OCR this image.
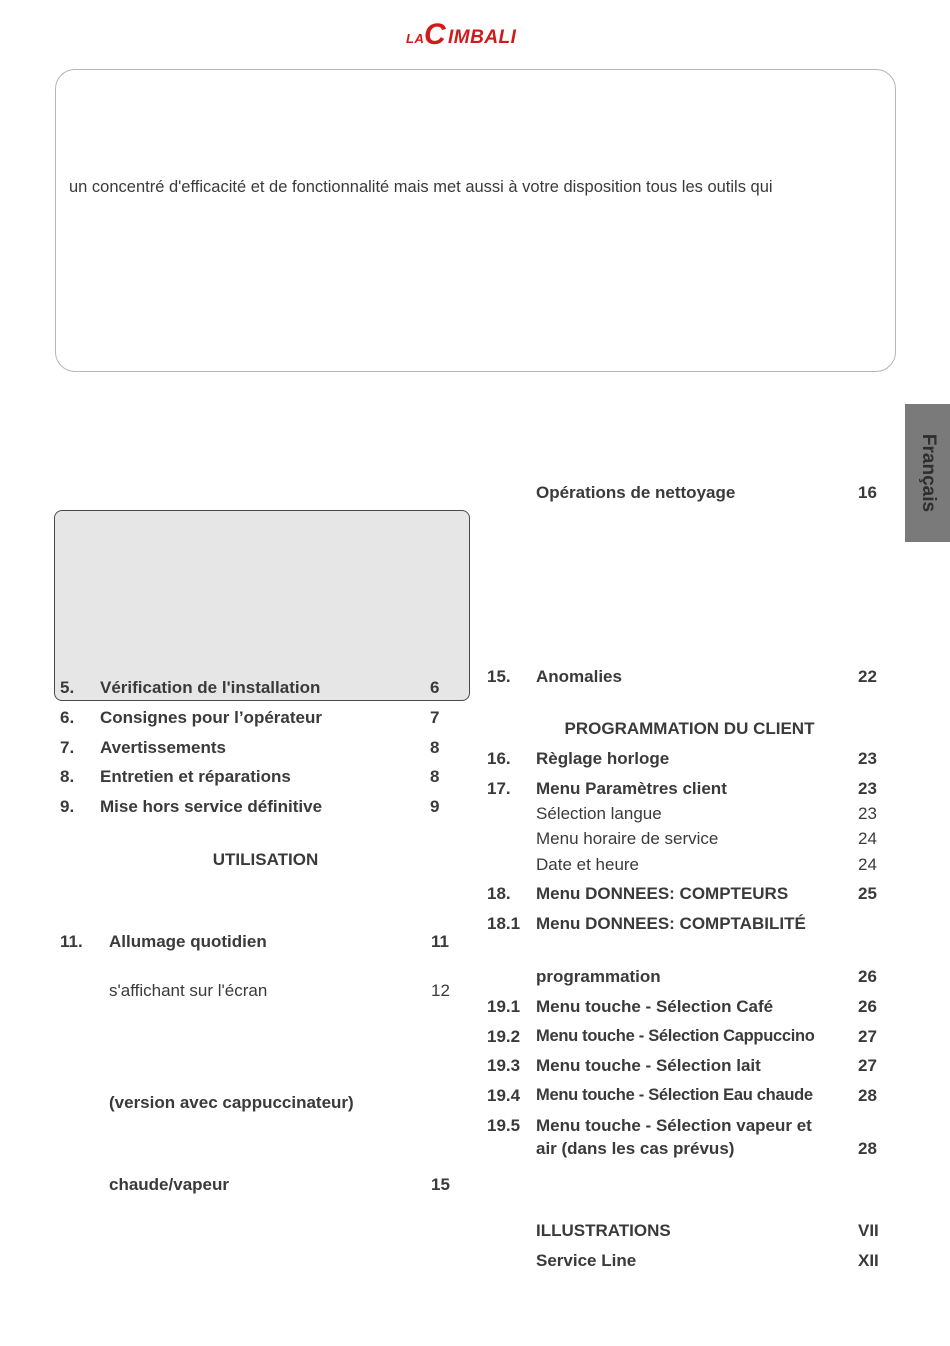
LA C IMBALI
un concentré d'efficacité et de fonctionnalité mais met aussi à votre disposition tous les outils qui
Français
5. Vérification de l'installation	6
6. Consignes pour l’opérateur	7
7. Avertissements	8
8. Entretien et réparations	8
9. Mise hors service définitive	9
UTILISATION
11. Allumage quotidien	11
s'affichant sur l'écran	12
(version avec cappuccinateur)
chaude/vapeur	15
Opérations de nettoyage	16
15. Anomalies	22
PROGRAMMATION DU CLIENT
16. Règlage horloge	23
17. Menu Paramètres client	23
Sélection langue	23
Menu horaire de service	24
Date et heure	24
18. Menu DONNEES: COMPTEURS	25
18.1 Menu DONNEES: COMPTABILITÉ
programmation	26
19.1 Menu touche - Sélection Café	26
19.2 Menu touche - Sélection Cappuccino	27
19.3 Menu touche - Sélection lait	27
19.4 Menu touche - Sélection Eau chaude	28
19.5 Menu touche - Sélection vapeur et
air (dans les cas prévus)	28
ILLUSTRATIONS	VII
Service Line	XII
